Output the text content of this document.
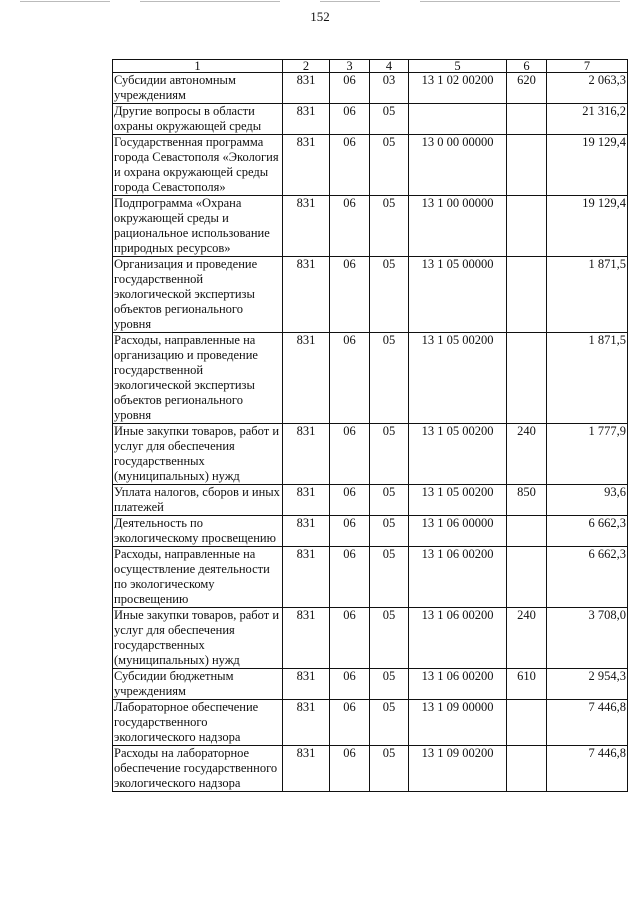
152
1	2	3	4	5	6	7
Субсидии автономным учреждениям	831	06	03	13 1 02 00200	620	2 063,3
Другие вопросы в области охраны окружающей среды	831	06	05			21 316,2
Государственная программа города Севастополя «Экология и охрана окружающей среды города Севастополя»	831	06	05	13 0 00 00000		19 129,4
Подпрограмма «Охрана окружающей среды и рациональное использование природных ресурсов»	831	06	05	13 1 00 00000		19 129,4
Организация и проведение государственной экологической экспертизы объектов регионального уровня	831	06	05	13 1 05 00000		1 871,5
Расходы, направленные на организацию и проведение государственной экологической экспертизы объектов регионального уровня	831	06	05	13 1 05 00200		1 871,5
Иные закупки товаров, работ и услуг для обеспечения государственных (муниципальных) нужд	831	06	05	13 1 05 00200	240	1 777,9
Уплата налогов, сборов и иных платежей	831	06	05	13 1 05 00200	850	93,6
Деятельность по экологическому просвещению	831	06	05	13 1 06 00000		6 662,3
Расходы, направленные на осуществление деятельности по экологическому просвещению	831	06	05	13 1 06 00200		6 662,3
Иные закупки товаров, работ и услуг для обеспечения государственных (муниципальных) нужд	831	06	05	13 1 06 00200	240	3 708,0
Субсидии бюджетным учреждениям	831	06	05	13 1 06 00200	610	2 954,3
Лабораторное обеспечение государственного экологического надзора	831	06	05	13 1 09 00000		7 446,8
Расходы на лабораторное обеспечение государственного экологического надзора	831	06	05	13 1 09 00200		7 446,8
